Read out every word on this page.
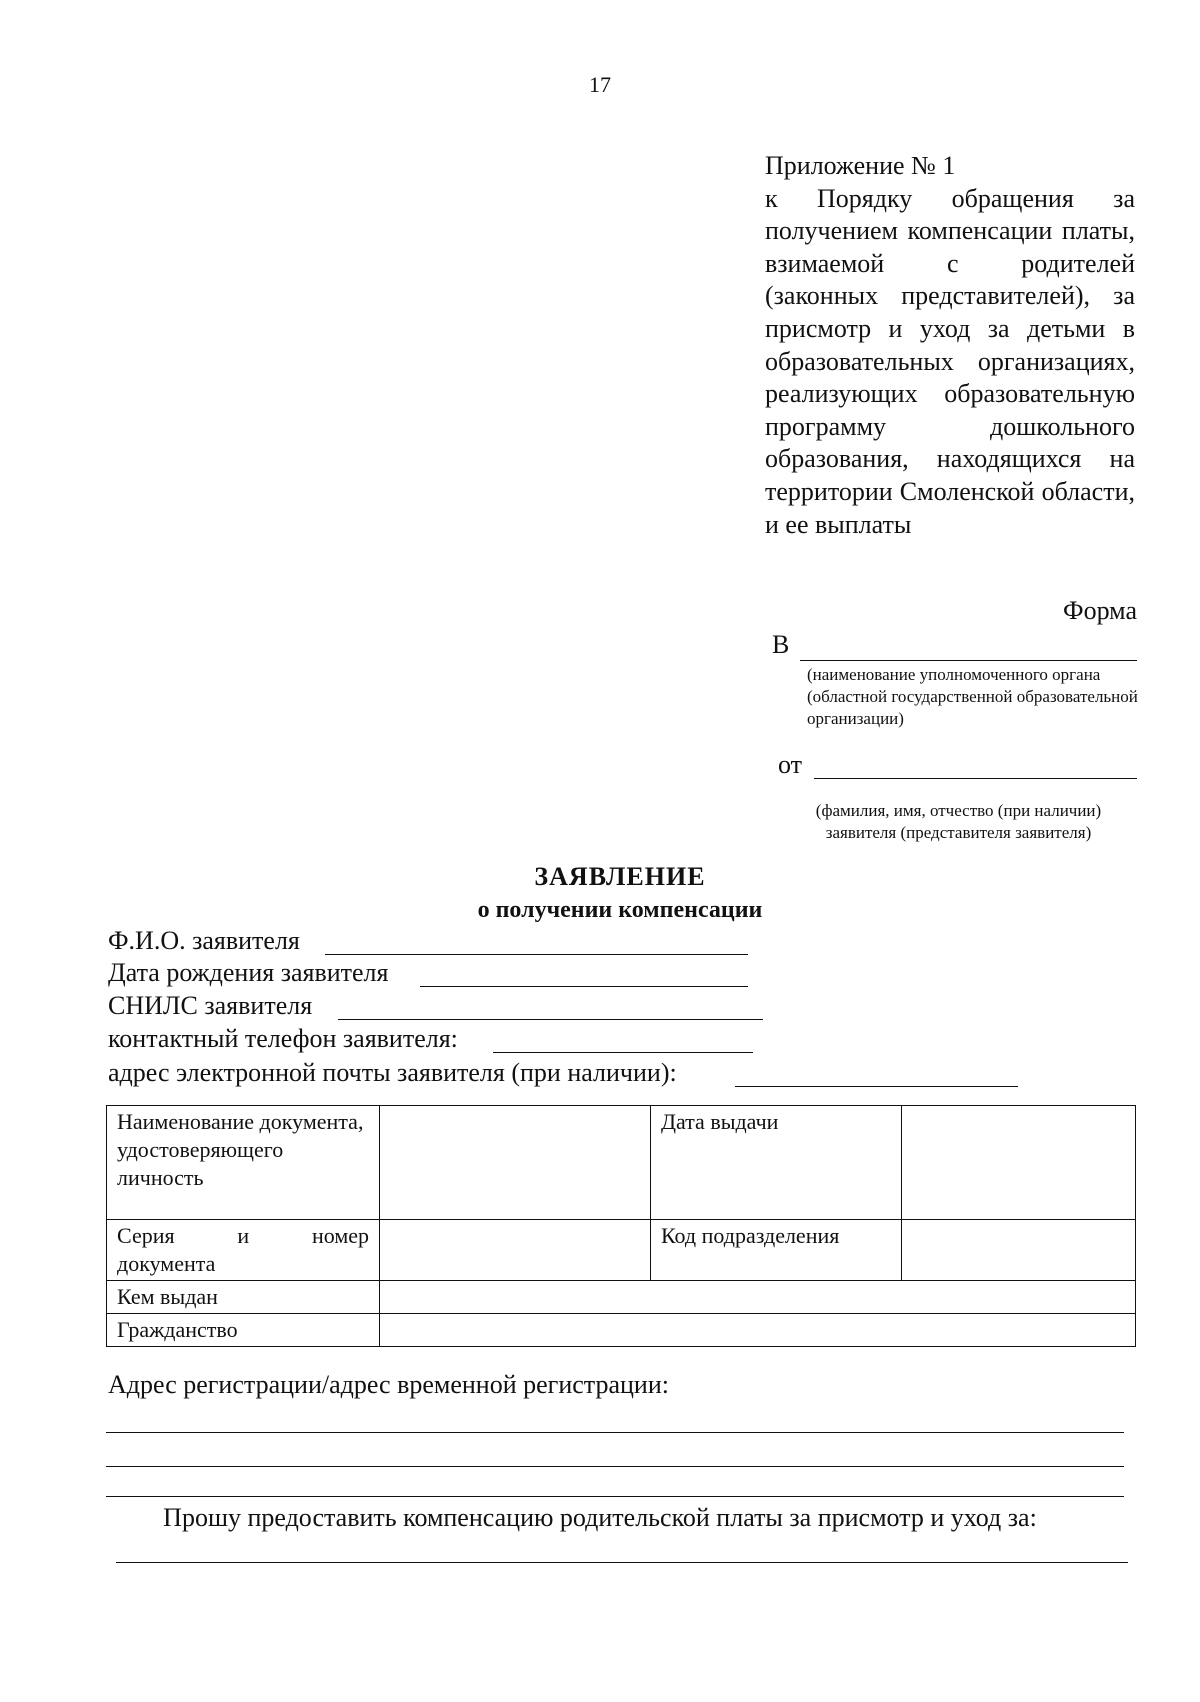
17
Приложение № 1
к Порядку обращения за получением компенсации платы, взимаемой с родителей (законных представителей), за присмотр и уход за детьми в образовательных организациях, реализующих образовательную программу дошкольного образования, находящихся на территории Смоленской области, и ее выплаты
Форма
В
(наименование уполномоченного органа (областной государственной образовательной организации)
от
(фамилия, имя, отчество (при наличии) заявителя (представителя заявителя)
ЗАЯВЛЕНИЕ
о получении компенсации
Ф.И.О. заявителя
Дата рождения заявителя
СНИЛС заявителя
контактный телефон заявителя:
адрес электронной почты заявителя (при наличии):
Наименование документа, удостоверяющего личность		Дата выдачи	

Серия и номер
документа		Код подразделения	
Кем выдан			
Гражданство			
Адрес регистрации/адрес временной регистрации:
Прошу предоставить компенсацию родительской платы за присмотр и уход за:
